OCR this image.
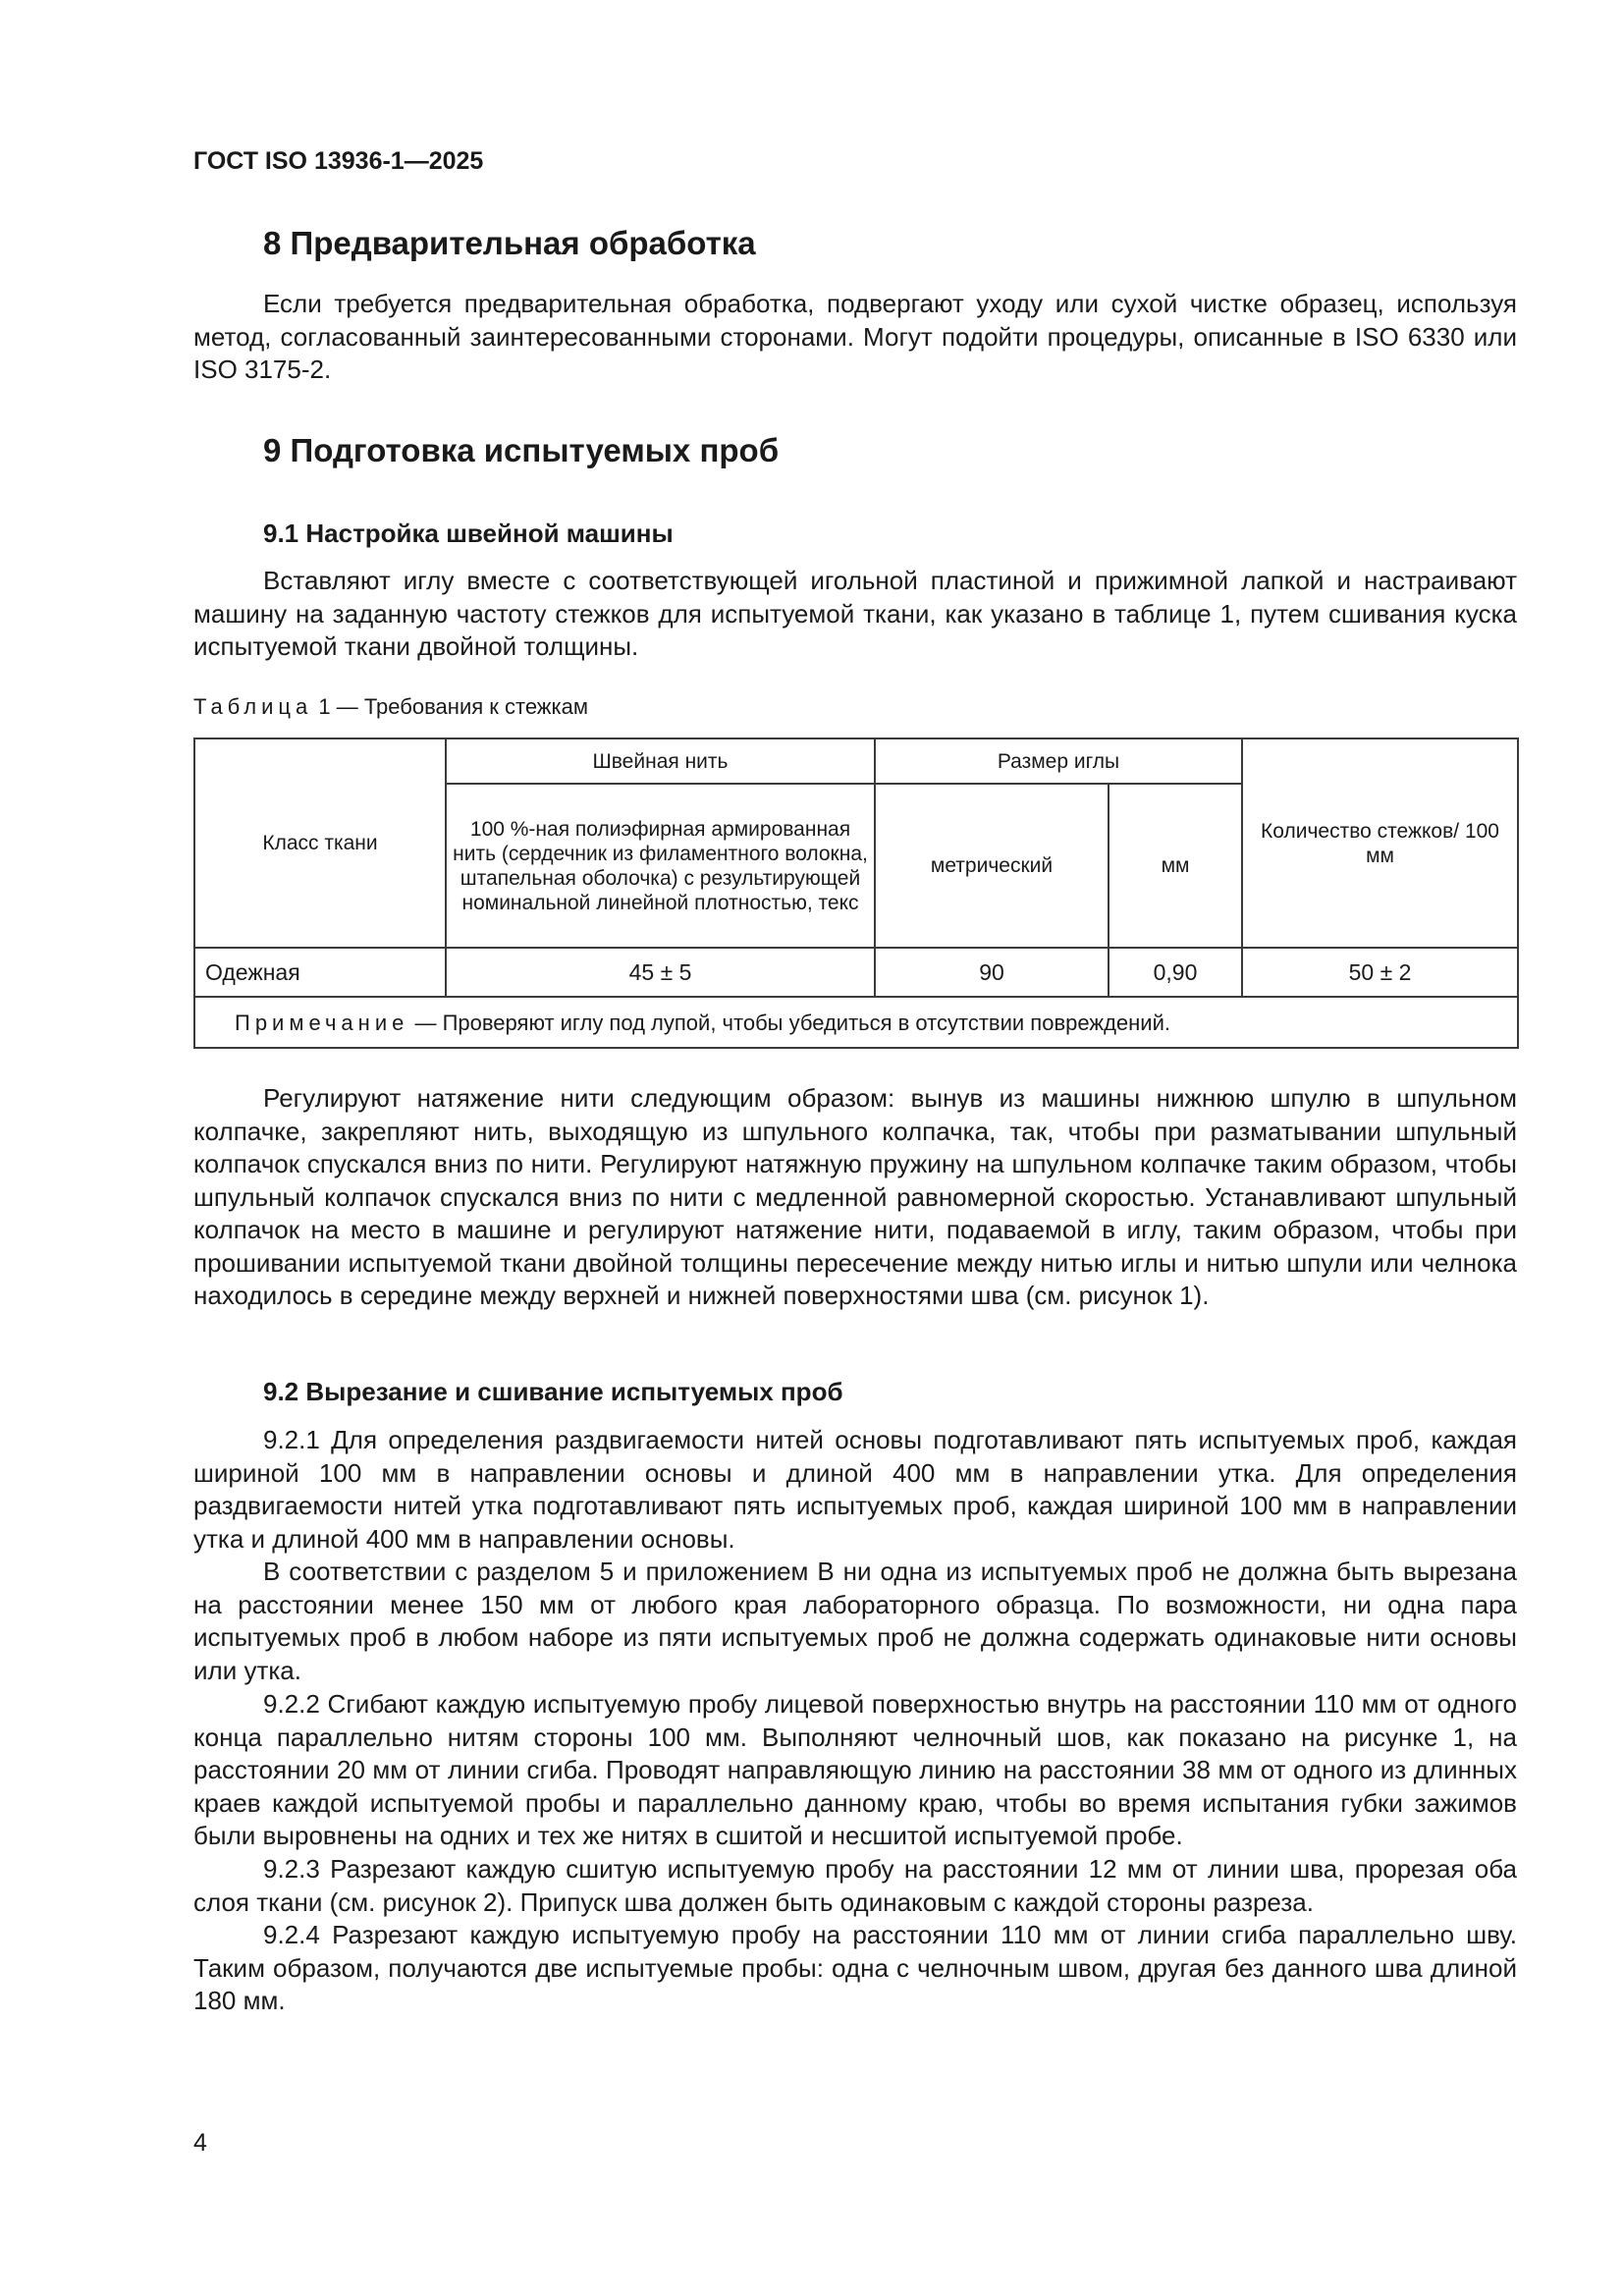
ГОСТ ISO 13936-1—2025
8 Предварительная обработка

Если требуется предварительная обработка, подвергают уходу или сухой чистке образец, используя метод, согласованный заинтересованными сторонами. Могут подойти процедуры, описанные в ISO 6330 или ISO 3175-2.

9 Подготовка испытуемых проб
9.1 Настройка швейной машины

Вставляют иглу вместе с соответствующей игольной пластиной и прижимной лапкой и настраивают машину на заданную частоту стежков для испытуемой ткани, как указано в таблице 1, путем сшивания куска испытуемой ткани двойной толщины.

Таблица 1 — Требования к стежкам
Класс ткани	Швейная нить	Размер иглы		Количество стежков/ 100 мм
	100 %-ная полиэфирная армированная нить (сердечник из филаментного волокна, штапельная оболочка) с результирующей номинальной линейной плотностью, текс	метрический	мм	
Одежная	45 ± 5	90	0,90	50 ± 2
Примечание — Проверяют иглу под лупой, чтобы убедиться в отсутствии повреждений.				

Регулируют натяжение нити следующим образом: вынув из машины нижнюю шпулю в шпульном колпачке, закрепляют нить, выходящую из шпульного колпачка, так, чтобы при разматывании шпульный колпачок спускался вниз по нити. Регулируют натяжную пружину на шпульном колпачке таким образом, чтобы шпульный колпачок спускался вниз по нити с медленной равномерной скоростью. Устанавливают шпульный колпачок на место в машине и регулируют натяжение нити, подаваемой в иглу, таким образом, чтобы при прошивании испытуемой ткани двойной толщины пересечение между нитью иглы и нитью шпули или челнока находилось в середине между верхней и нижней поверхностями шва (см. рисунок 1).

9.2 Вырезание и сшивание испытуемых проб

9.2.1 Для определения раздвигаемости нитей основы подготавливают пять испытуемых проб, каждая шириной 100 мм в направлении основы и длиной 400 мм в направлении утка. Для определения раздвигаемости нитей утка подготавливают пять испытуемых проб, каждая шириной 100 мм в направлении утка и длиной 400 мм в направлении основы.

В соответствии с разделом 5 и приложением В ни одна из испытуемых проб не должна быть вырезана на расстоянии менее 150 мм от любого края лабораторного образца. По возможности, ни одна пара испытуемых проб в любом наборе из пяти испытуемых проб не должна содержать одинаковые нити основы или утка.

9.2.2 Сгибают каждую испытуемую пробу лицевой поверхностью внутрь на расстоянии 110 мм от одного конца параллельно нитям стороны 100 мм. Выполняют челночный шов, как показано на рисунке 1, на расстоянии 20 мм от линии сгиба. Проводят направляющую линию на расстоянии 38 мм от одного из длинных краев каждой испытуемой пробы и параллельно данному краю, чтобы во время испытания губки зажимов были выровнены на одних и тех же нитях в сшитой и несшитой испытуемой пробе.

9.2.3 Разрезают каждую сшитую испытуемую пробу на расстоянии 12 мм от линии шва, прорезая оба слоя ткани (см. рисунок 2). Припуск шва должен быть одинаковым с каждой стороны разреза.

9.2.4 Разрезают каждую испытуемую пробу на расстоянии 110 мм от линии сгиба параллельно шву. Таким образом, получаются две испытуемые пробы: одна с челночным швом, другая без данного шва длиной 180 мм.

4
